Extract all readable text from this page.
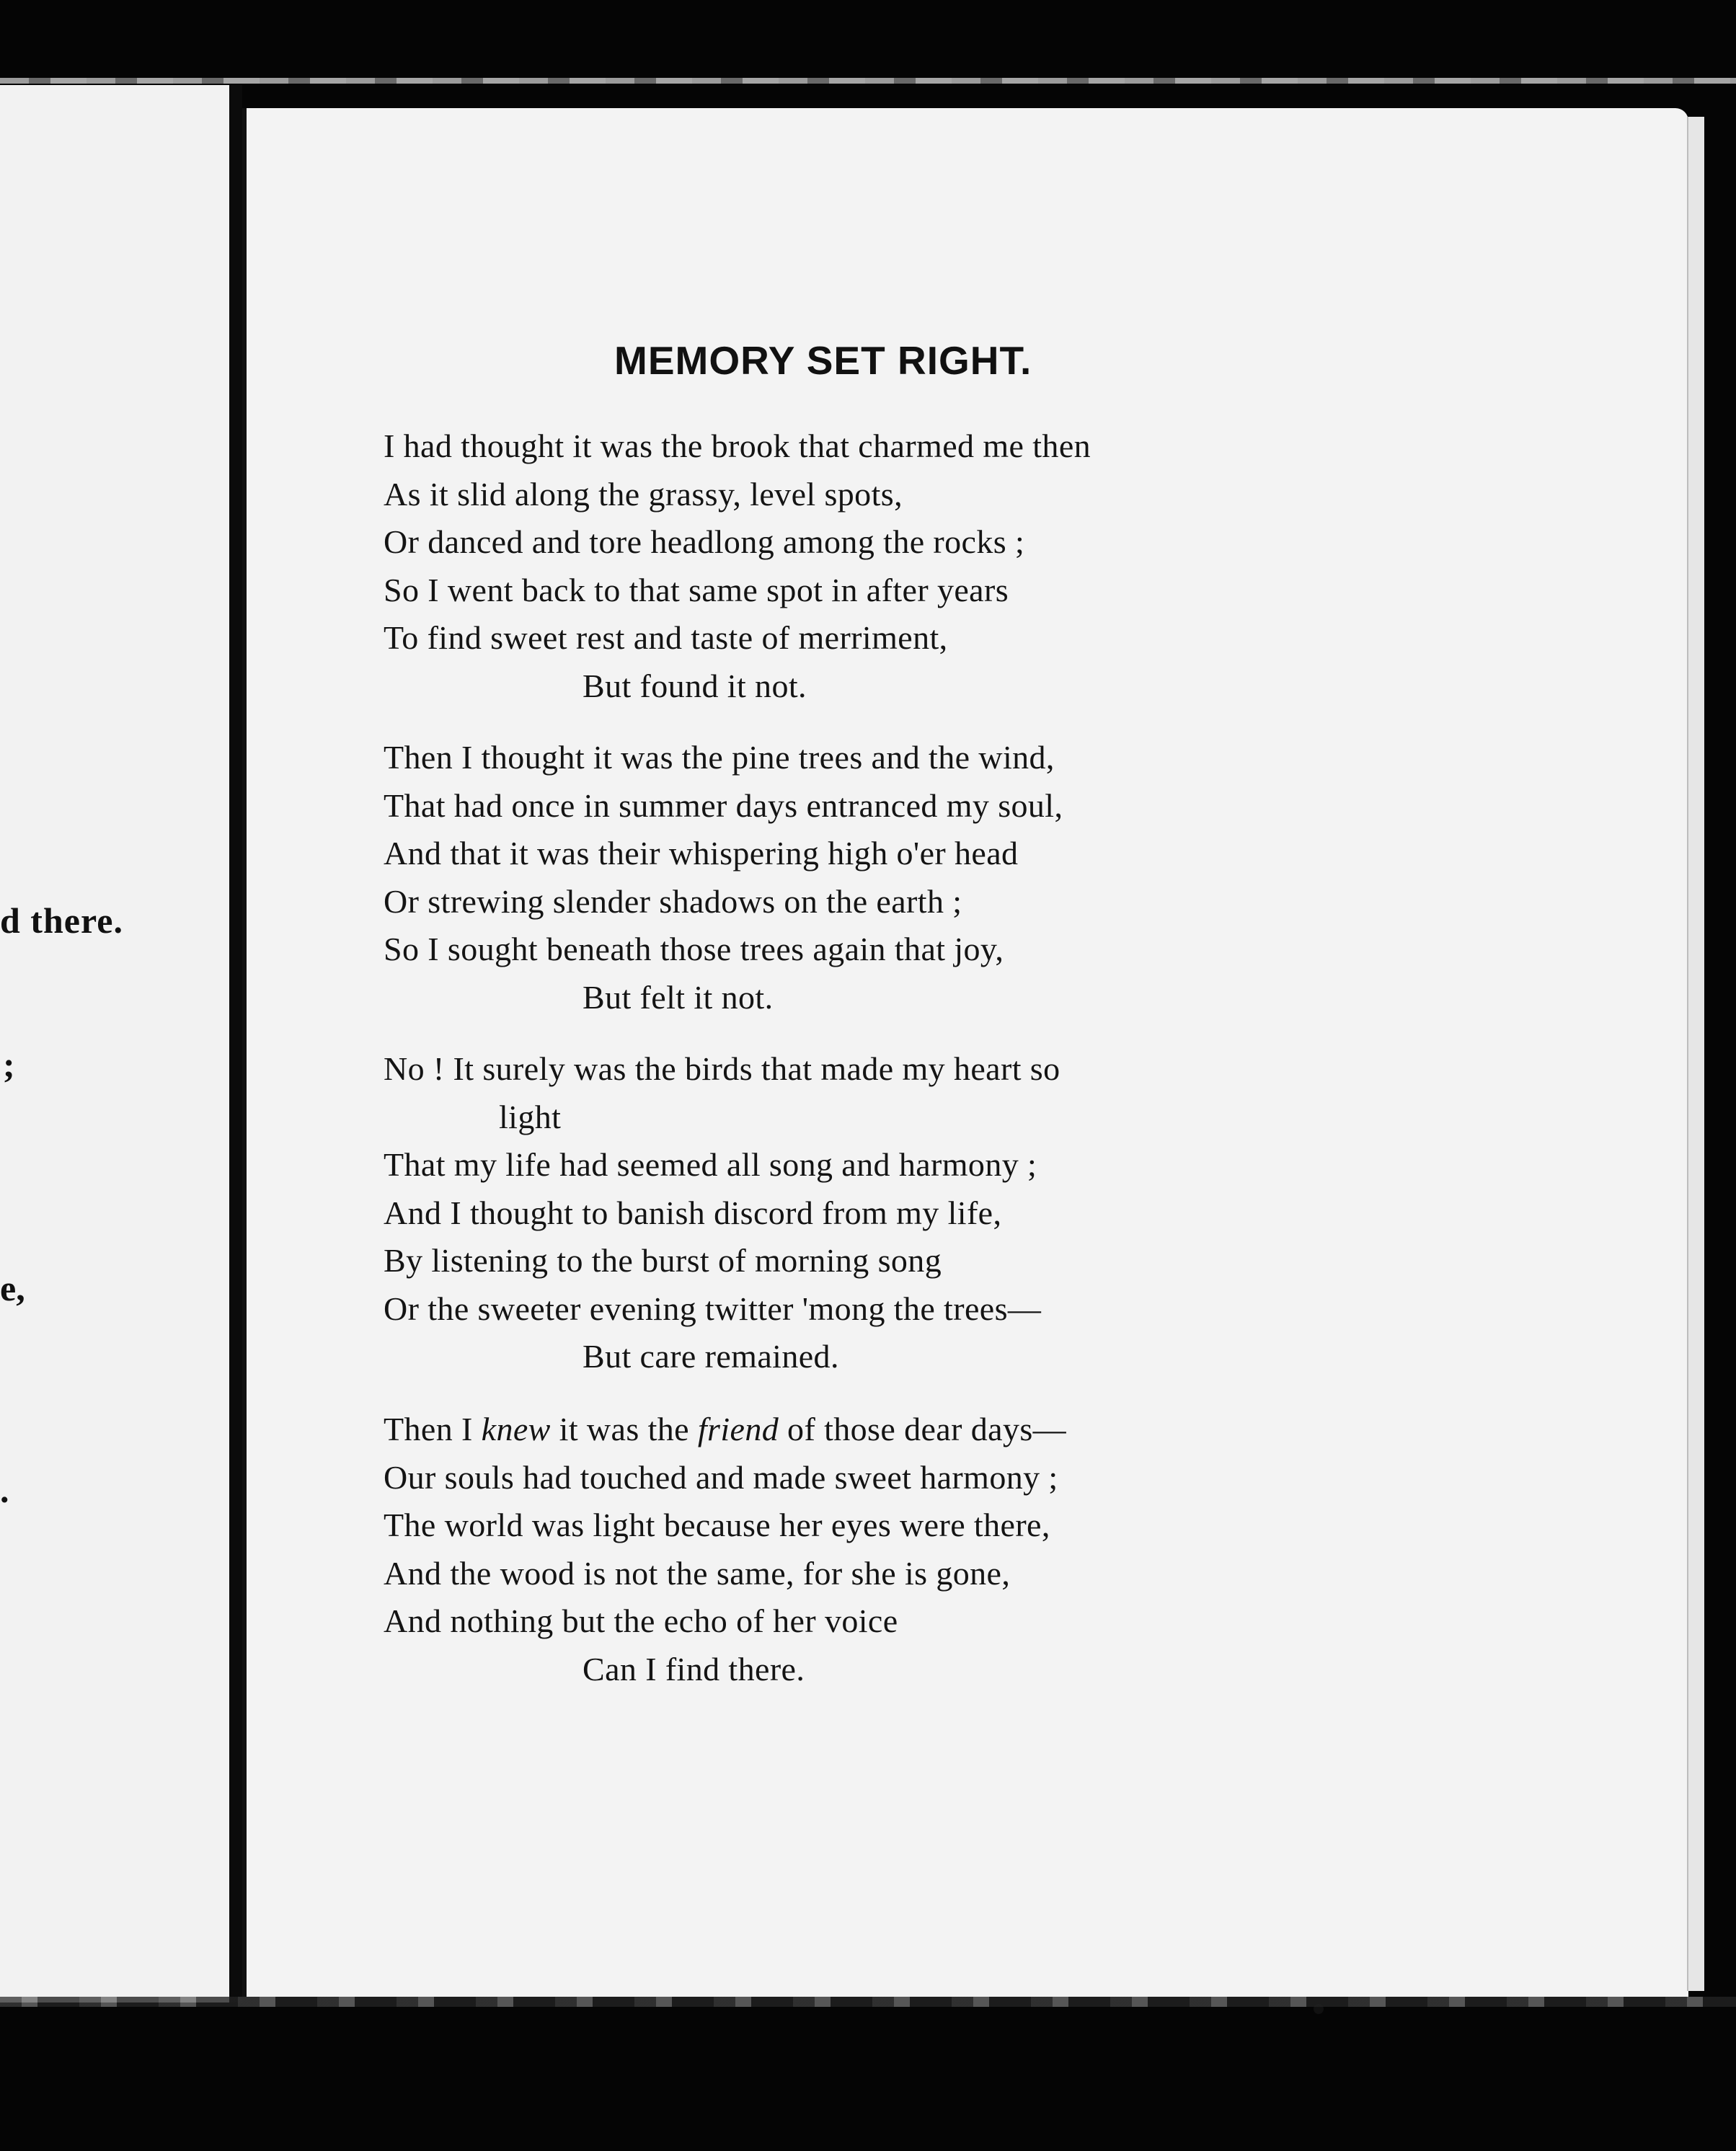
d there.
;
e,
.
MEMORY SET RIGHT.

I had thought it was the brook that charmed me then
As it slid along the grassy, level spots,
Or danced and tore headlong among the rocks ;
So I went back to that same spot in after years
To find sweet rest and taste of merriment,
But found it not.

Then I thought it was the pine trees and the wind,
That had once in summer days entranced my soul,
And that it was their whispering high o'er head
Or strewing slender shadows on the earth ;
So I sought beneath those trees again that joy,
But felt it not.

No ! It surely was the birds that made my heart so
light
That my life had seemed all song and harmony ;
And I thought to banish discord from my life,
By listening to the burst of morning song
Or the sweeter evening twitter 'mong the trees—
But care remained.

Then I knew it was the friend of those dear days—
Our souls had touched and made sweet harmony ;
The world was light because her eyes were there,
And the wood is not the same, for she is gone,
And nothing but the echo of her voice
Can I find there.
